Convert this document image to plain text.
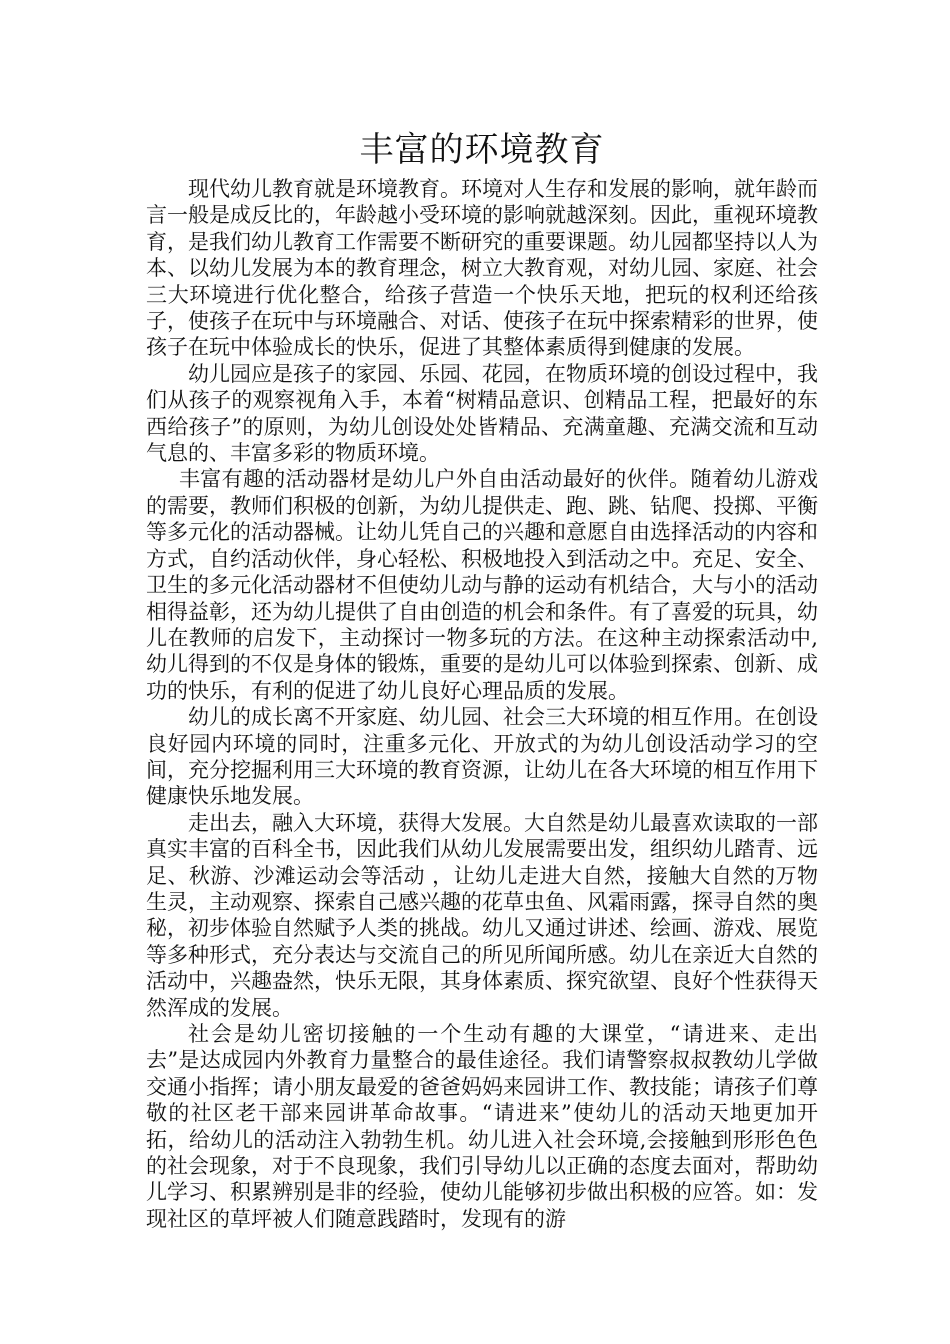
丰富的环境教育

现代幼儿教育就是环境教育。环境对人生存和发展的影响，就年龄而言一般是成反比的，年龄越小受环境的影响就越深刻。因此，重视环境教育，是我们幼儿教育工作需要不断研究的重要课题。幼儿园都坚持以人为本、以幼儿发展为本的教育理念，树立大教育观，对幼儿园、家庭、社会三大环境进行优化整合，给孩子营造一个快乐天地，把玩的权利还给孩子，使孩子在玩中与环境融合、对话、使孩子在玩中探索精彩的世界，使孩子在玩中体验成长的快乐，促进了其整体素质得到健康的发展。

幼儿园应是孩子的家园、乐园、花园，在物质环境的创设过程中，我们从孩子的观察视角入手，本着“树精品意识、创精品工程，把最好的东西给孩子”的原则，为幼儿创设处处皆精品、充满童趣、充满交流和互动气息的、丰富多彩的物质环境。

丰富有趣的活动器材是幼儿户外自由活动最好的伙伴。随着幼儿游戏的需要，教师们积极的创新，为幼儿提供走、跑、跳、钻爬、投掷、平衡等多元化的活动器械。让幼儿凭自己的兴趣和意愿自由选择活动的内容和方式，自约活动伙伴，身心轻松、积极地投入到活动之中。充足、安全、卫生的多元化活动器材不但使幼儿动与静的运动有机结合，大与小的活动相得益彰，还为幼儿提供了自由创造的机会和条件。有了喜爱的玩具，幼儿在教师的启发下，主动探讨一物多玩的方法。在这种主动探索活动中,幼儿得到的不仅是身体的锻炼，重要的是幼儿可以体验到探索、创新、成功的快乐，有利的促进了幼儿良好心理品质的发展。

幼儿的成长离不开家庭、幼儿园、社会三大环境的相互作用。在创设良好园内环境的同时，注重多元化、开放式的为幼儿创设活动学习的空间，充分挖掘利用三大环境的教育资源，让幼儿在各大环境的相互作用下健康快乐地发展。

走出去，融入大环境，获得大发展。大自然是幼儿最喜欢读取的一部真实丰富的百科全书，因此我们从幼儿发展需要出发，组织幼儿踏青、远足、秋游、沙滩运动会等活动 ，让幼儿走进大自然，接触大自然的万物生灵，主动观察、探索自己感兴趣的花草虫鱼、风霜雨露，探寻自然的奥秘，初步体验自然赋予人类的挑战。幼儿又通过讲述、绘画、游戏、展览等多种形式，充分表达与交流自己的所见所闻所感。幼儿在亲近大自然的活动中，兴趣盎然，快乐无限，其身体素质、探究欲望、良好个性获得天然浑成的发展。

社会是幼儿密切接触的一个生动有趣的大课堂，“请进来、走出去”是达成园内外教育力量整合的最佳途径。我们请警察叔叔教幼儿学做交通小指挥；请小朋友最爱的爸爸妈妈来园讲工作、教技能；请孩子们尊敬的社区老干部来园讲革命故事。“请进来”使幼儿的活动天地更加开拓，给幼儿的活动注入勃勃生机。幼儿进入社会环境,会接触到形形色色的社会现象，对于不良现象，我们引导幼儿以正确的态度去面对，帮助幼儿学习、积累辨别是非的经验，使幼儿能够初步做出积极的应答。如：发现社区的草坪被人们随意践踏时，发现有的游
